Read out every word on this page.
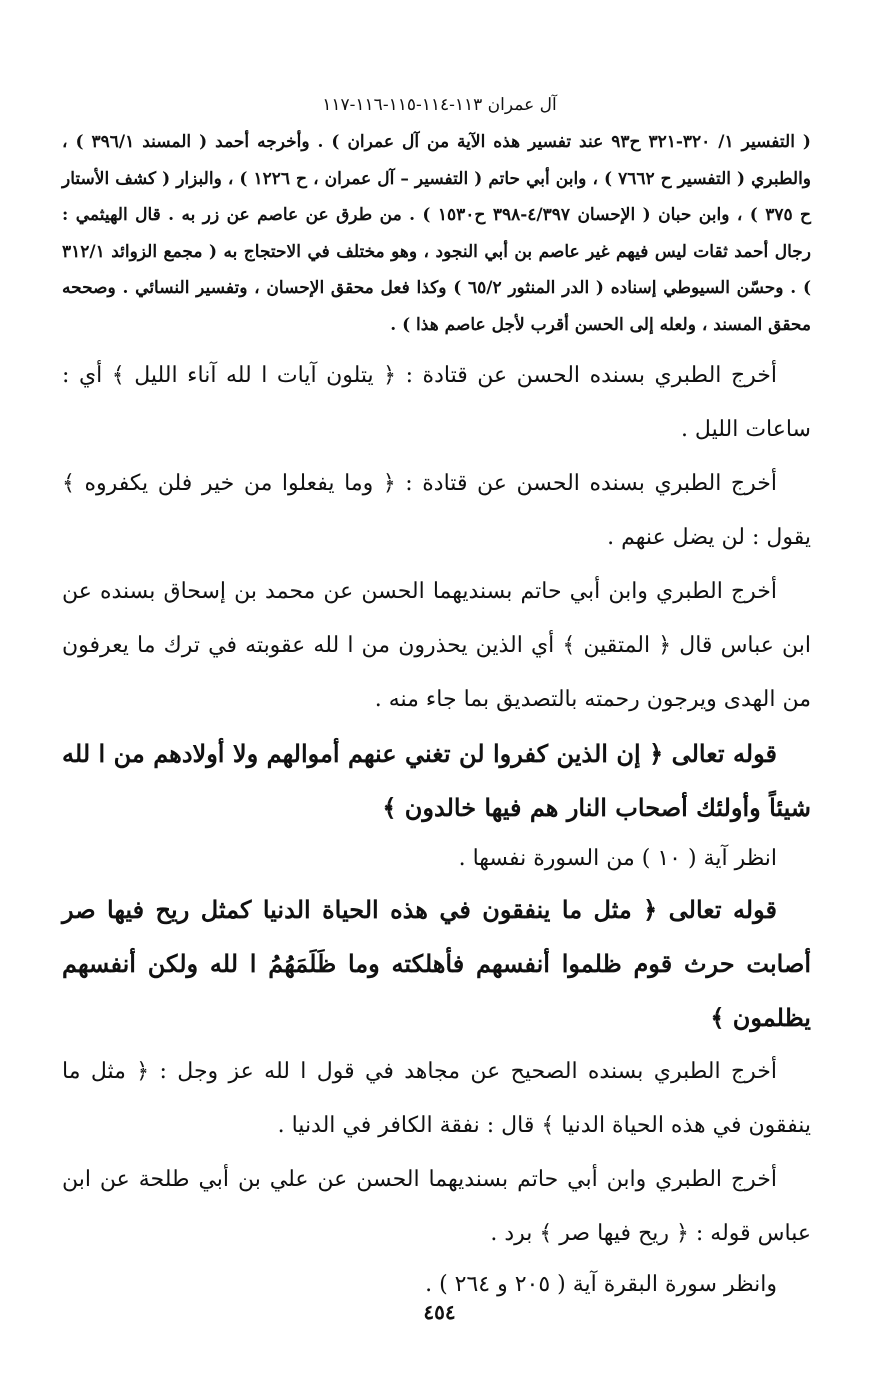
آل عمران ١١٣-١١٤-١١٥-١١٦-١١٧

( التفسير ١/ ٣٢٠-٣٢١ ح٩٣ عند تفسير هذه الآية من آل عمران ) . وأخرجه أحمد ( المسند ٣٩٦/١ ) ، والطبري ( التفسير ح ٧٦٦٢ ) ، وابن أبي حاتم ( التفسير – آل عمران ، ح ١٢٢٦ ) ، والبزار ( كشف الأستار ح ٣٧٥ ) ، وابن حبان ( الإحسان ٤/٣٩٧-٣٩٨ ح١٥٣٠ ) . من طرق عن عاصم عن زر به . قال الهيثمي : رجال أحمد ثقات ليس فيهم غير عاصم بن أبي النجود ، وهو مختلف في الاحتجاج به ( مجمع الزوائد ٣١٢/١ ) . وحسّن السيوطي إسناده ( الدر المنثور ٦٥/٢ ) وكذا فعل محقق الإحسان ، وتفسير النسائي . وصححه محقق المسند ، ولعله إلى الحسن أقرب لأجل عاصم هذا ) .

أخرج الطبري بسنده الحسن عن قتادة : ﴿ يتلون آيات ا لله آناء الليل ﴾ أي : ساعات الليل .

أخرج الطبري بسنده الحسن عن قتادة : ﴿ وما يفعلوا من خير فلن يكفروه ﴾ يقول : لن يضل عنهم .

أخرج الطبري وابن أبي حاتم بسنديهما الحسن عن محمد بن إسحاق بسنده عن ابن عباس قال ﴿ المتقين ﴾ أي الذين يحذرون من ا لله عقوبته في ترك ما يعرفون من الهدى ويرجون رحمته بالتصديق بما جاء منه .

قوله تعالى ﴿ إن الذين كفروا لن تغني عنهم أموالهم ولا أولادهم من ا لله شيئاً وأولئك أصحاب النار هم فيها خالدون ﴾

انظر آية ( ١٠ ) من السورة نفسها .

قوله تعالى ﴿ مثل ما ينفقون في هذه الحياة الدنيا كمثل ريح فيها صر أصابت حرث قوم ظلموا أنفسهم فأهلكته وما ظَلَمَهُمُ ا لله ولكن أنفسهم يظلمون ﴾

أخرج الطبري بسنده الصحيح عن مجاهد في قول ا لله عز وجل : ﴿ مثل ما ينفقون في هذه الحياة الدنيا ﴾ قال : نفقة الكافر في الدنيا .

أخرج الطبري وابن أبي حاتم بسنديهما الحسن عن علي بن أبي طلحة عن ابن عباس قوله : ﴿ ريح فيها صر ﴾ برد .

وانظر سورة البقرة آية ( ٢٠٥ و ٢٦٤ ) .

٤٥٤
